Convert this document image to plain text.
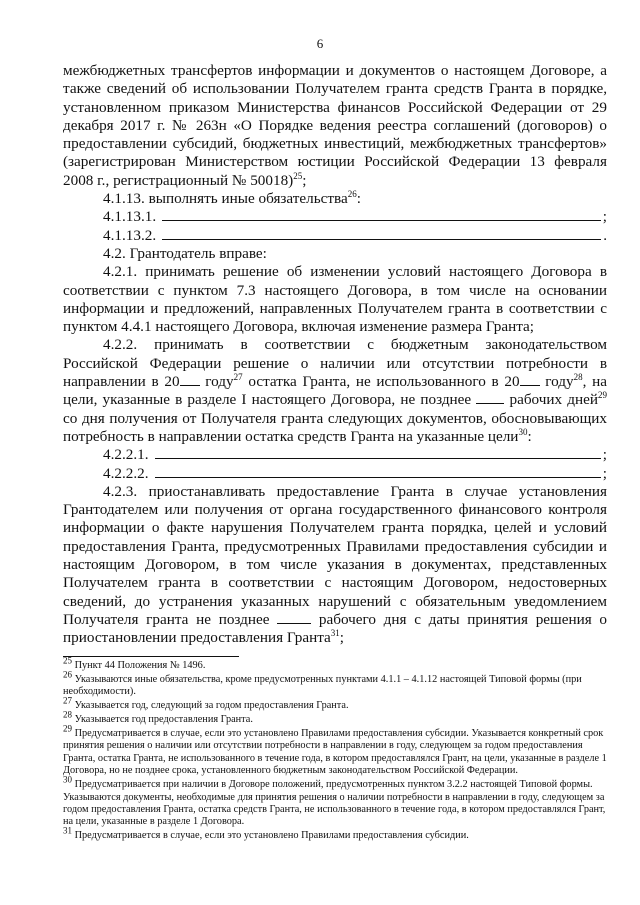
6

межбюджетных трансфертов информации и документов о настоящем Договоре, а также сведений об использовании Получателем гранта средств Гранта в порядке, установленном приказом Министерства финансов Российской Федерации от 29 декабря 2017 г. № 263н «О Порядке ведения реестра соглашений (договоров) о предоставлении субсидий, бюджетных инвестиций, межбюджетных трансфертов» (зарегистрирован Министерством юстиции Российской Федерации 13 февраля 2008 г., регистрационный № 50018)$^{25}$;

4.1.13. выполнять иные обязательства$^{26}$:

4.1.13.1.	;
4.1.13.2.	.

4.2. Грантодатель вправе:

4.2.1. принимать решение об изменении условий настоящего Договора в соответствии с пунктом 7.3 настоящего Договора, в том числе на основании информации и предложений, направленных Получателем гранта в соответствии с пунктом 4.4.1 настоящего Договора, включая изменение размера Гранта;

4.2.2. принимать в соответствии с бюджетным законодательством Российской Федерации решение о наличии или отсутствии потребности в направлении в 20 году$^{27}$ остатка Гранта, не использованного в 20 году$^{28}$, на цели, указанные в разделе I настоящего Договора, не позднее  рабочих дней$^{29}$ со дня получения от Получателя гранта следующих документов, обосновывающих потребность в направлении остатка средств Гранта на указанные цели$^{30}$:

4.2.2.1.	;
4.2.2.2.	;

4.2.3. приостанавливать предоставление Гранта в случае установления Грантодателем или получения от органа государственного финансового контроля информации о факте нарушения Получателем гранта порядка, целей и условий предоставления Гранта, предусмотренных Правилами предоставления субсидии и настоящим Договором, в том числе указания в документах, представленных Получателем гранта в соответствии с настоящим Договором, недостоверных сведений, до устранения указанных нарушений с обязательным уведомлением Получателя гранта не позднее  рабочего дня с даты принятия решения о приостановлении предоставления Гранта$^{31}$;

$^{25}$ Пункт 44 Положения № 1496.

$^{26}$ Указываются иные обязательства, кроме предусмотренных пунктами 4.1.1 – 4.1.12 настоящей Типовой формы (при необходимости).

$^{27}$ Указывается год, следующий за годом предоставления Гранта.

$^{28}$ Указывается год предоставления Гранта.

$^{29}$ Предусматривается в случае, если это установлено Правилами предоставления субсидии. Указывается конкретный срок принятия решения о наличии или отсутствии потребности в направлении в году, следующем за годом предоставления Гранта, остатка Гранта, не использованного в течение года, в котором предоставлялся Грант, на цели, указанные в разделе 1 Договора, но не позднее срока, установленного бюджетным законодательством Российской Федерации.

$^{30}$ Предусматривается при наличии в Договоре положений, предусмотренных пунктом 3.2.2 настоящей Типовой формы. Указываются документы, необходимые для принятия решения о наличии потребности в направлении в году, следующем за годом предоставления Гранта, остатка средств Гранта, не использованного в течение года, в котором предоставлялся Грант, на цели, указанные в разделе 1 Договора.

$^{31}$ Предусматривается в случае, если это установлено Правилами предоставления субсидии.
